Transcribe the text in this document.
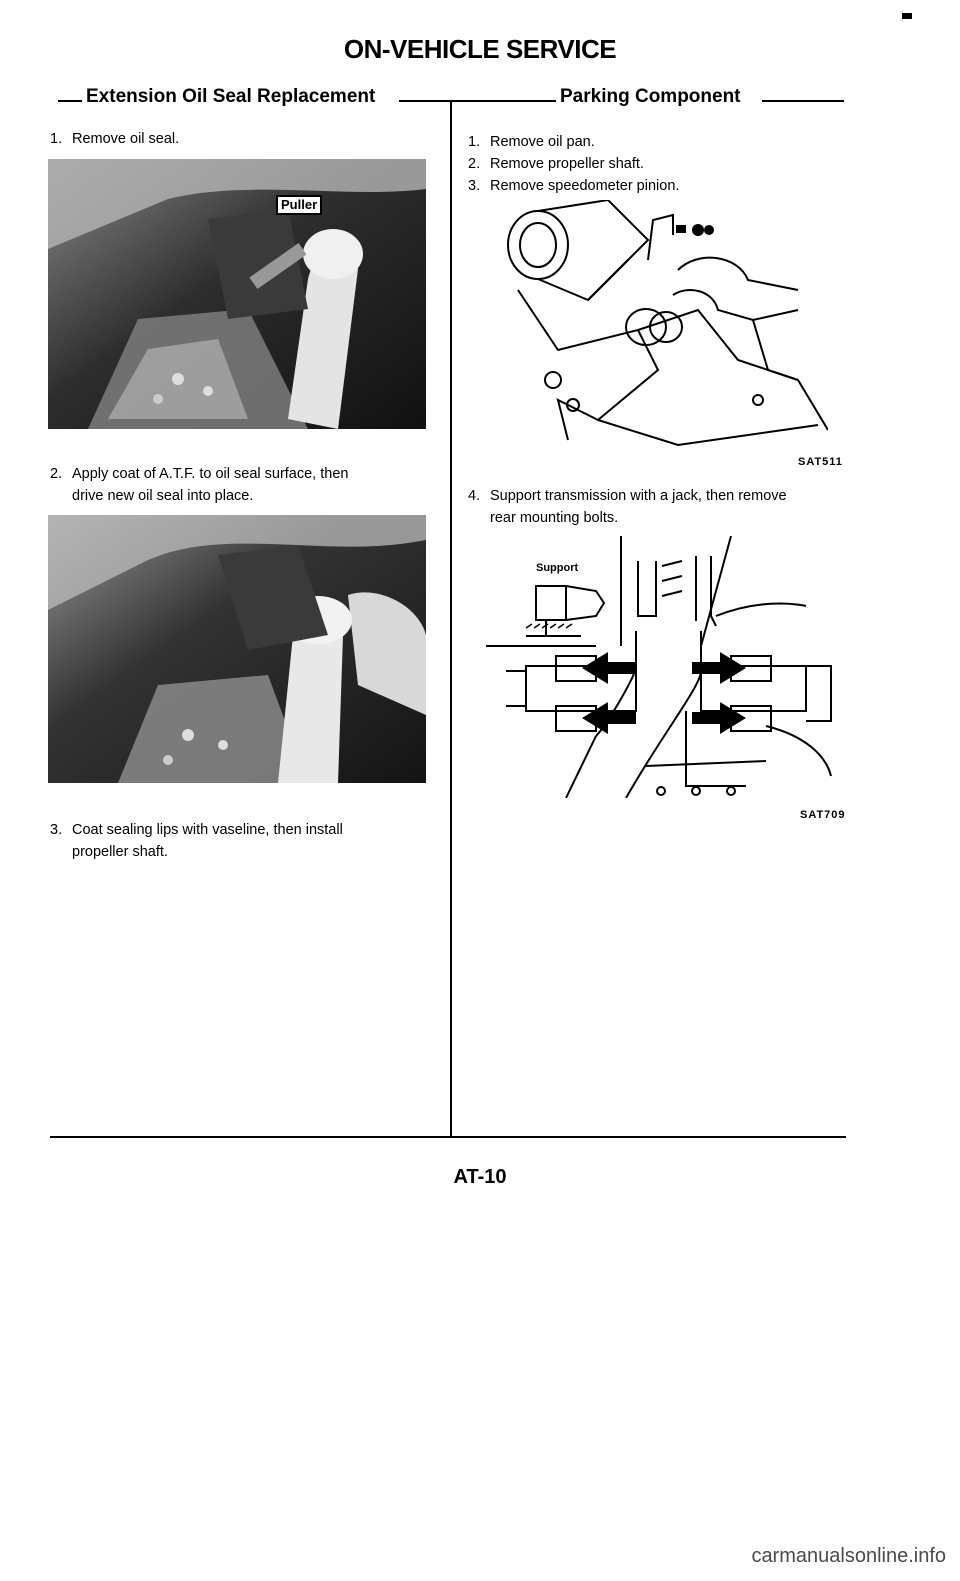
ON-VEHICLE SERVICE
Extension Oil Seal Replacement	Parking Component
1. Remove oil seal.
Puller
2. Apply coat of A.T.F. to oil seal surface, then
drive new oil seal into place.
3. Coat sealing lips with vaseline, then install
propeller shaft.
1. Remove oil pan.
2. Remove propeller shaft.
3. Remove speedometer pinion.
SAT511
4. Support transmission with a jack, then remove
rear mounting bolts.
Support
SAT709
AT-10
carmanualsonline.info
